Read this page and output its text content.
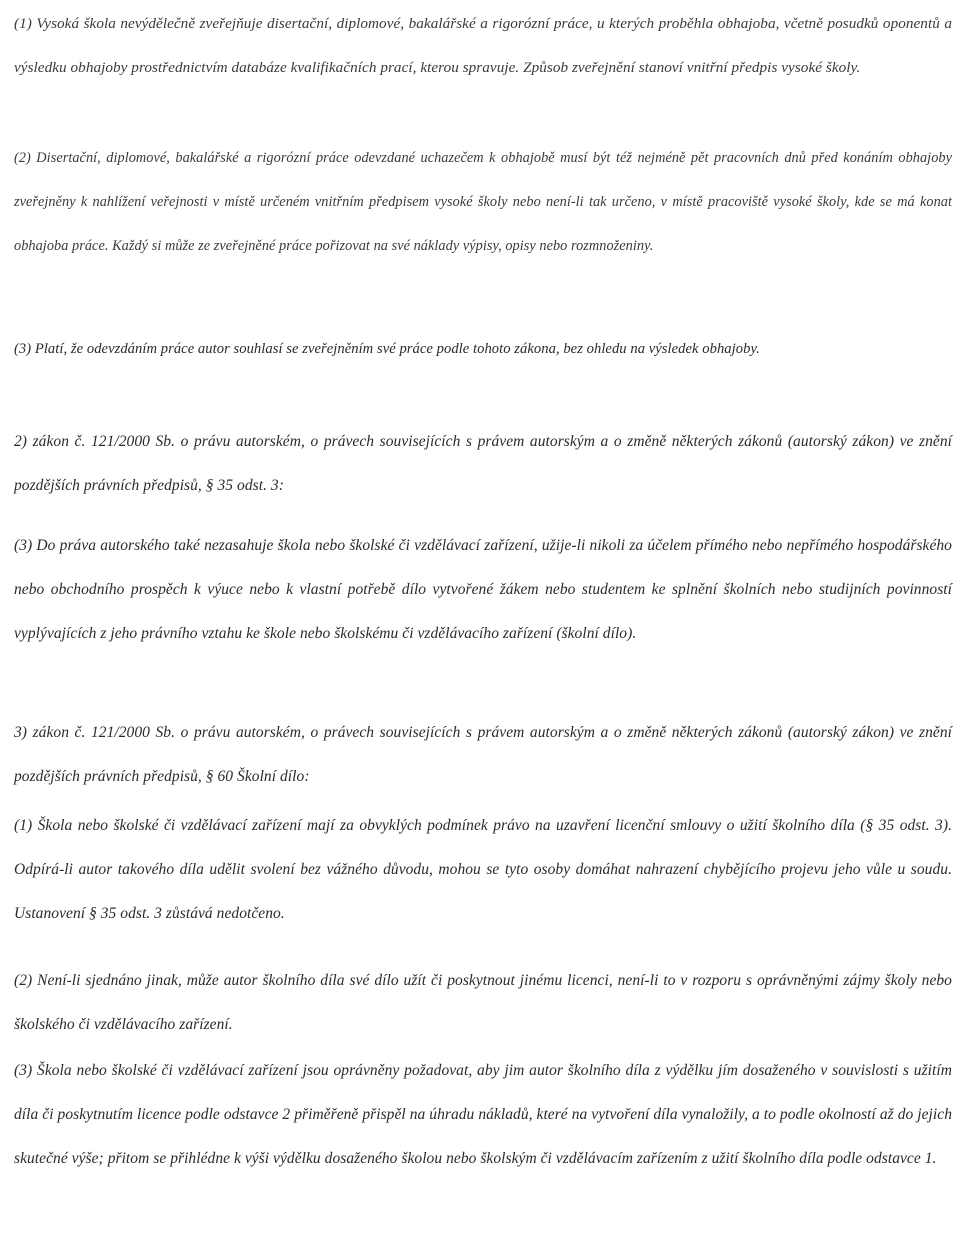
(1) Vysoká škola nevýdělečně zveřejňuje disertační, diplomové, bakalářské a rigorózní práce, u kterých proběhla obhajoba, včetně posudků oponentů a výsledku obhajoby prostřednictvím databáze kvalifikačních prací, kterou spravuje. Způsob zveřejnění stanoví vnitřní předpis vysoké školy.

(2) Disertační, diplomové, bakalářské a rigorózní práce odevzdané uchazečem k obhajobě musí být též nejméně pět pracovních dnů před konáním obhajoby zveřejněny k nahlížení veřejnosti v místě určeném vnitřním předpisem vysoké školy nebo není-li tak určeno, v místě pracoviště vysoké školy, kde se má konat obhajoba práce. Každý si může ze zveřejněné práce pořizovat na své náklady výpisy, opisy nebo rozmnoženiny.

(3) Platí, že odevzdáním práce autor souhlasí se zveřejněním své práce podle tohoto zákona, bez ohledu na výsledek obhajoby.

2) zákon č. 121/2000 Sb. o právu autorském, o právech souvisejících s právem autorským a o změně některých zákonů (autorský zákon) ve znění pozdějších právních předpisů, § 35 odst. 3:

(3) Do práva autorského také nezasahuje škola nebo školské či vzdělávací zařízení, užije-li nikoli za účelem přímého nebo nepřímého hospodářského nebo obchodního prospěch k výuce nebo k vlastní potřebě dílo vytvořené žákem nebo studentem ke splnění školních nebo studijních povinností vyplývajících z jeho právního vztahu ke škole nebo školskému či vzdělávacího zařízení (školní dílo).

3) zákon č. 121/2000 Sb. o právu autorském, o právech souvisejících s právem autorským a o změně některých zákonů (autorský zákon) ve znění pozdějších právních předpisů, § 60 Školní dílo:

(1) Škola nebo školské či vzdělávací zařízení mají za obvyklých podmínek právo na uzavření licenční smlouvy o užití školního díla (§ 35 odst. 3). Odpírá-li autor takového díla udělit svolení bez vážného důvodu, mohou se tyto osoby domáhat nahrazení chybějícího projevu jeho vůle u soudu. Ustanovení § 35 odst. 3 zůstává nedotčeno.

(2) Není-li sjednáno jinak, může autor školního díla své dílo užít či poskytnout jinému licenci, není-li to v rozporu s oprávněnými zájmy školy nebo školského či vzdělávacího zařízení.

(3) Škola nebo školské či vzdělávací zařízení jsou oprávněny požadovat, aby jim autor školního díla z výdělku jím dosaženého v souvislosti s užitím díla či poskytnutím licence podle odstavce 2 přiměřeně přispěl na úhradu nákladů, které na vytvoření díla vynaložily, a to podle okolností až do jejich skutečné výše; přitom se přihlédne k výši výdělku dosaženého školou nebo školským či vzdělávacím zařízením z užití školního díla podle odstavce 1.
